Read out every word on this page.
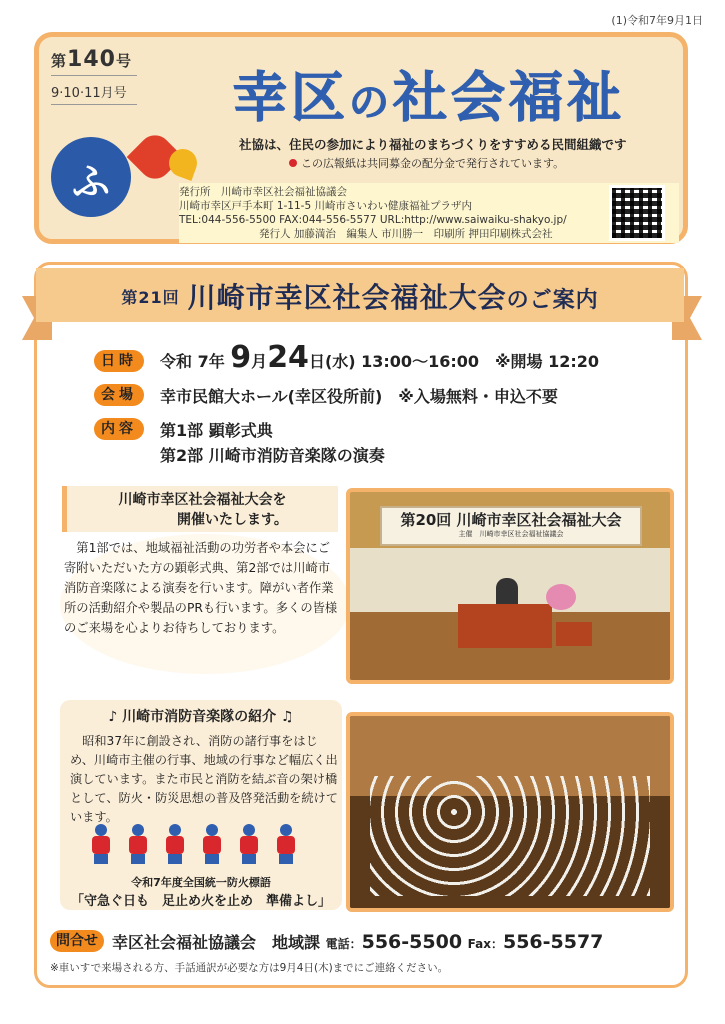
(1)令和7年9月1日
第140号
9·10·11月号
ふ
幸区の社会福祉
社協は、住民の参加により福祉のまちづくりをすすめる民間組織です
この広報紙は共同募金の配分金で発行されています。
発行所　川崎市幸区社会福祉協議会
川崎市幸区戸手本町 1-11-5 川崎市さいわい健康福祉プラザ内
TEL:044-556-5500 FAX:044-556-5577 URL:http://www.saiwaiku-shakyo.jp/
発行人 加藤満治　編集人 市川勝一　印刷所 押田印刷株式会社
第21回 川崎市幸区社会福祉大会のご案内
日時	令和 7年 9月24日(水) 13:00～16:00　※開場 12:20
会場	幸市民館大ホール(幸区役所前)　※入場無料・申込不要
内容	第1部 顕彰式典
第2部 川崎市消防音楽隊の演奏
川崎市幸区社会福祉大会を
開催いたします。
　第1部では、地域福祉活動の功労者や本会にご寄附いただいた方の顕彰式典、第2部では川崎市消防音楽隊による演奏を行います。障がい者作業所の活動紹介や製品のPRも行います。多くの皆様のご来場を心よりお待ちしております。
第20回 川崎市幸区社会福祉大会
主催　川崎市幸区社会福祉協議会
♪ 川崎市消防音楽隊の紹介 ♫
　昭和37年に創設され、消防の諸行事をはじめ、川崎市主催の行事、地域の行事など幅広く出演しています。また市民と消防を結ぶ音の架け橋として、防火・防災思想の普及啓発活動を続けています。

令和7年度全国統一防火標語
「守急ぐ日も　足止め火を止め　準備よし」
問合せ 幸区社会福祉協議会　地域課 電話：556-5500 Fax：556-5577
※車いすで来場される方、手話通訳が必要な方は9月4日(木)までにご連絡ください。
